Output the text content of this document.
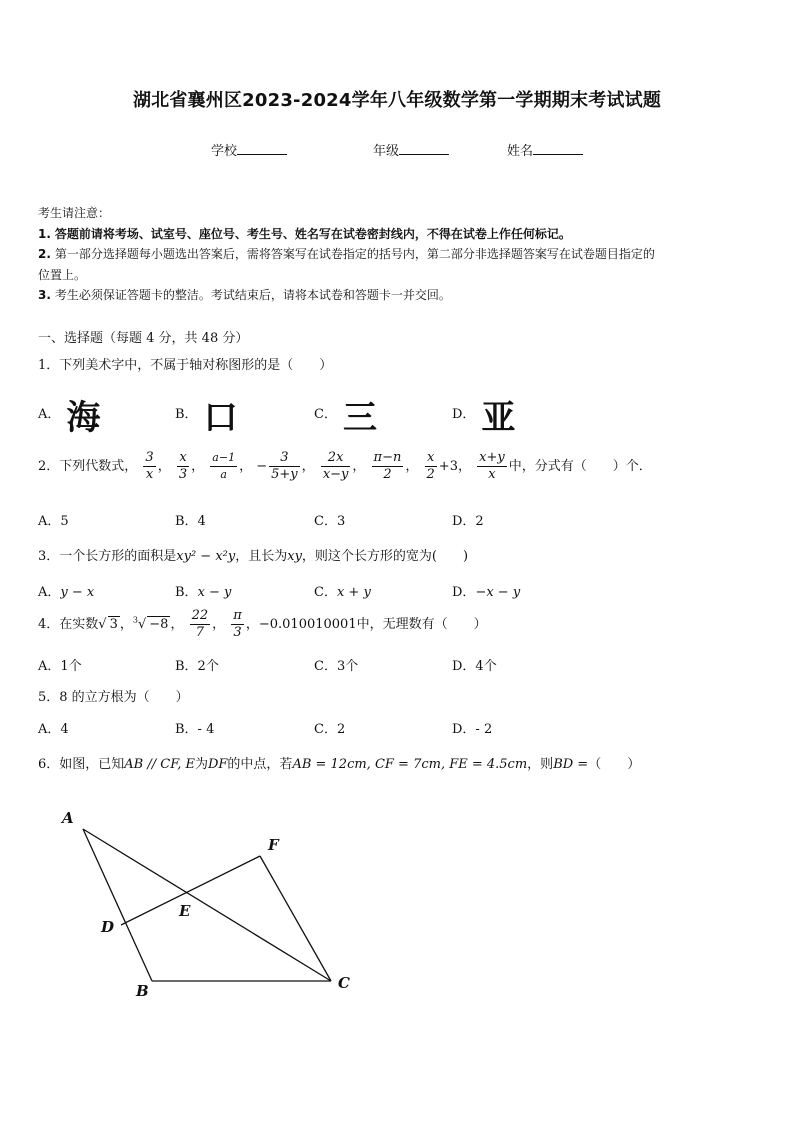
湖北省襄州区2023-2024学年八年级数学第一学期期末考试试题
学校	年级	姓名
考生请注意：
1. 答题前请将考场、试室号、座位号、考生号、姓名写在试卷密封线内，不得在试卷上作任何标记。
2. 第一部分选择题每小题选出答案后，需将答案写在试卷指定的括号内，第二部分非选择题答案写在试卷题目指定的
位置上。
3. 考生必须保证答题卡的整洁。考试结束后，请将本试卷和答题卡一并交回。
一、选择题（每题 4 分，共 48 分）
1．下列美术字中，不属于轴对称图形的是（　　）
A． 海	B． 口	C． 三	D． 亚
2．下列代数式， $\frac{3}{x}$ ， $\frac{x}{3}$ ， $\frac{a-1}{a}$ ， − $\frac{3}{5+y}$ ， $\frac{2x}{x-y}$ ， $\frac{\pi-n}{2}$ ， $\frac{x}{2} +3$， $\frac{x+y}{x}$ 中，分式有（　　）个．
A．5	B．4	C．3	D．2
3．一个长方形的面积是xy² − x²y，且长为xy，则这个长方形的宽为(　　)
A．y − x	B．x − y	C．x + y	D．−x − y
4．在实数√ 3 ，$^3$√ −8 ， $\frac{22}{7}$ ， $\frac{\pi}{3}$ ，−0.010010001中，无理数有（　　）
A．1个	B．2个	C．3个	D．4个
5．8 的立方根为（　　）
A．4	B．- 4	C．2	D．- 2
6．如图，已知AB // CF, E为DF的中点，若AB = 12cm, CF = 7cm, FE = 4.5cm，则BD =（　　）
A
F
E
D
B	C
